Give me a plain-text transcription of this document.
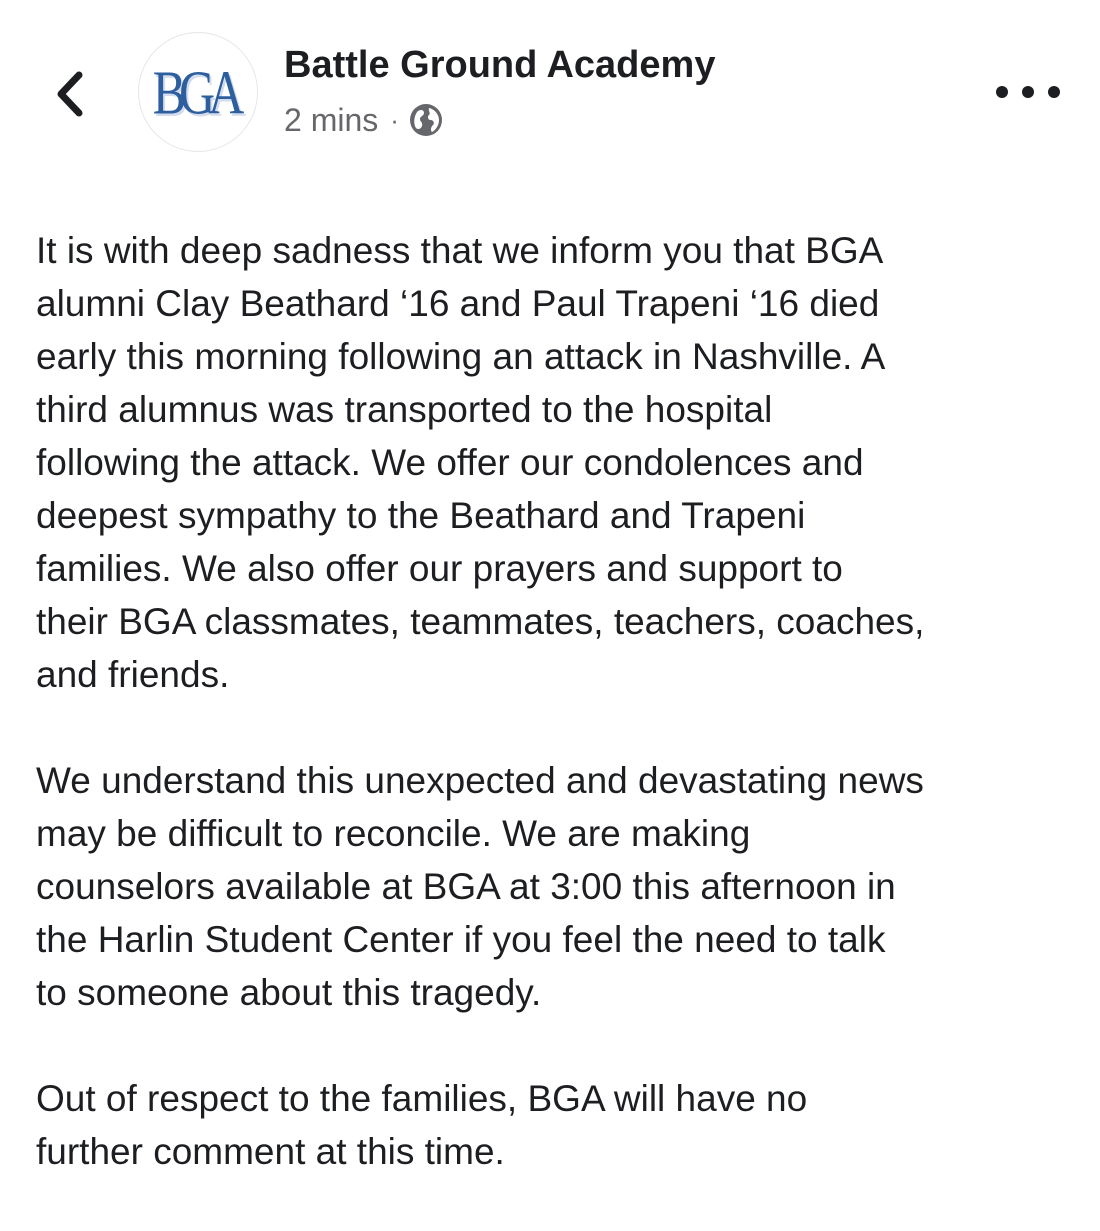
BGA Battle Ground Academy
2 mins ·

It is with deep sadness that we inform you that BGA
alumni Clay Beathard ‘16 and Paul Trapeni ‘16 died
early this morning following an attack in Nashville. A
third alumnus was transported to the hospital
following the attack. We offer our condolences and
deepest sympathy to the Beathard and Trapeni
families. We also offer our prayers and support to
their BGA classmates, teammates, teachers, coaches,
and friends.

We understand this unexpected and devastating news
may be difficult to reconcile. We are making
counselors available at BGA at 3:00 this afternoon in
the Harlin Student Center if you feel the need to talk
to someone about this tragedy.

Out of respect to the families, BGA will have no
further comment at this time.
